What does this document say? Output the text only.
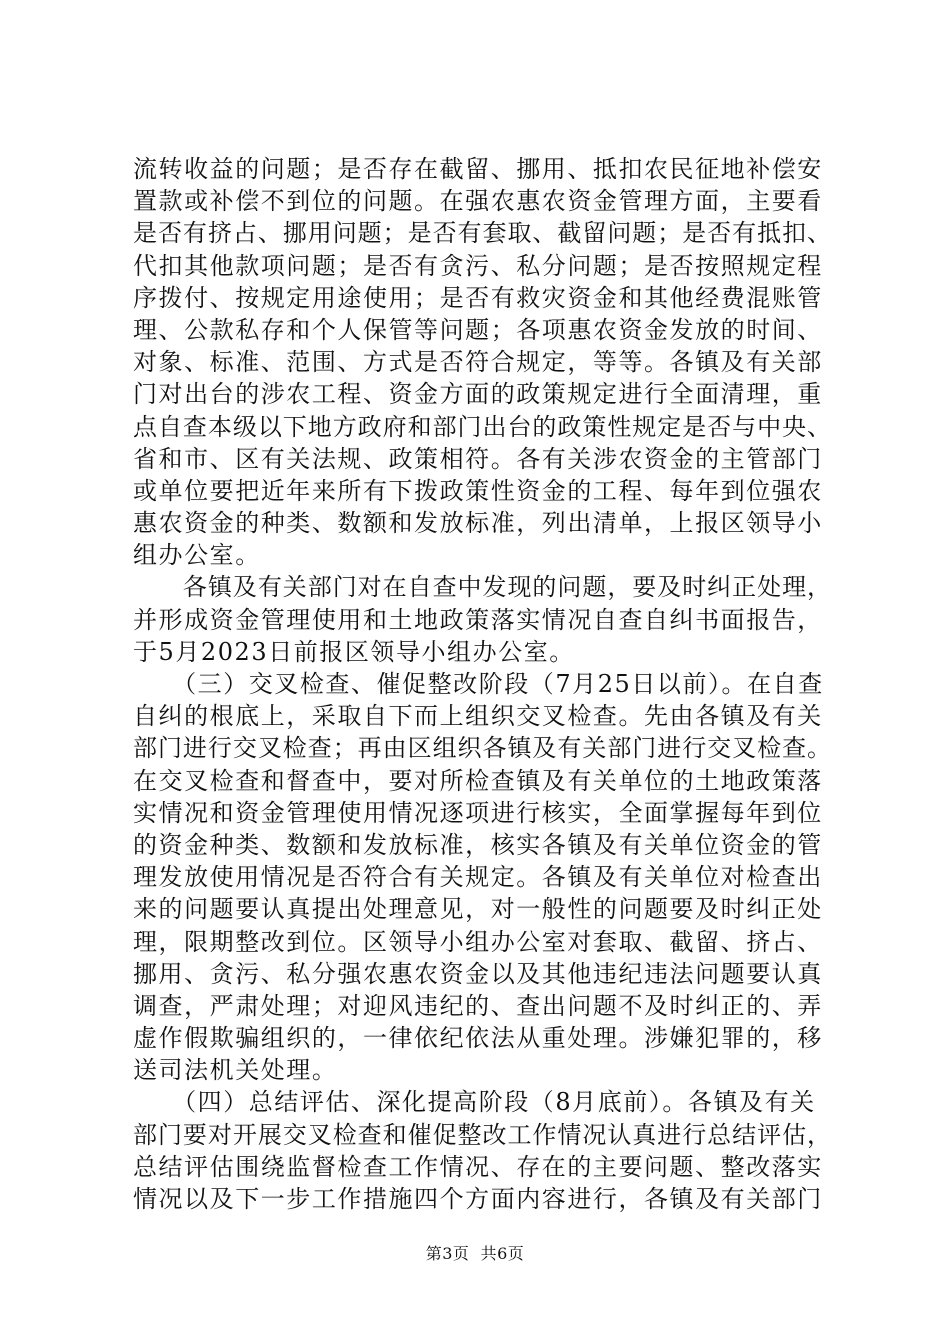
流转收益的问题；是否存在截留、挪用、抵扣农民征地补偿安
置款或补偿不到位的问题。在强农惠农资金管理方面，主要看
是否有挤占、挪用问题；是否有套取、截留问题；是否有抵扣、
代扣其他款项问题；是否有贪污、私分问题；是否按照规定程
序拨付、按规定用途使用；是否有救灾资金和其他经费混账管
理、公款私存和个人保管等问题；各项惠农资金发放的时间、
对象、标准、范围、方式是否符合规定，等等。各镇及有关部
门对出台的涉农工程、资金方面的政策规定进行全面清理，重
点自查本级以下地方政府和部门出台的政策性规定是否与中央、
省和市、区有关法规、政策相符。各有关涉农资金的主管部门
或单位要把近年来所有下拨政策性资金的工程、每年到位强农
惠农资金的种类、数额和发放标准，列出清单，上报区领导小
组办公室。
　　各镇及有关部门对在自查中发现的问题，要及时纠正处理，
并形成资金管理使用和土地政策落实情况自查自纠书面报告，
于5月2023日前报区领导小组办公室。
　　（三）交叉检查、催促整改阶段（7月25日以前）。在自查
自纠的根底上，采取自下而上组织交叉检查。先由各镇及有关
部门进行交叉检查；再由区组织各镇及有关部门进行交叉检查。
在交叉检查和督查中，要对所检查镇及有关单位的土地政策落
实情况和资金管理使用情况逐项进行核实，全面掌握每年到位
的资金种类、数额和发放标准，核实各镇及有关单位资金的管
理发放使用情况是否符合有关规定。各镇及有关单位对检查出
来的问题要认真提出处理意见，对一般性的问题要及时纠正处
理，限期整改到位。区领导小组办公室对套取、截留、挤占、
挪用、贪污、私分强农惠农资金以及其他违纪违法问题要认真
调查，严肃处理；对迎风违纪的、查出问题不及时纠正的、弄
虚作假欺骗组织的，一律依纪依法从重处理。涉嫌犯罪的，移
送司法机关处理。
　　（四）总结评估、深化提高阶段（8月底前）。各镇及有关
部门要对开展交叉检查和催促整改工作情况认真进行总结评估，
总结评估围绕监督检查工作情况、存在的主要问题、整改落实
情况以及下一步工作措施四个方面内容进行，各镇及有关部门
第3页  共6页
